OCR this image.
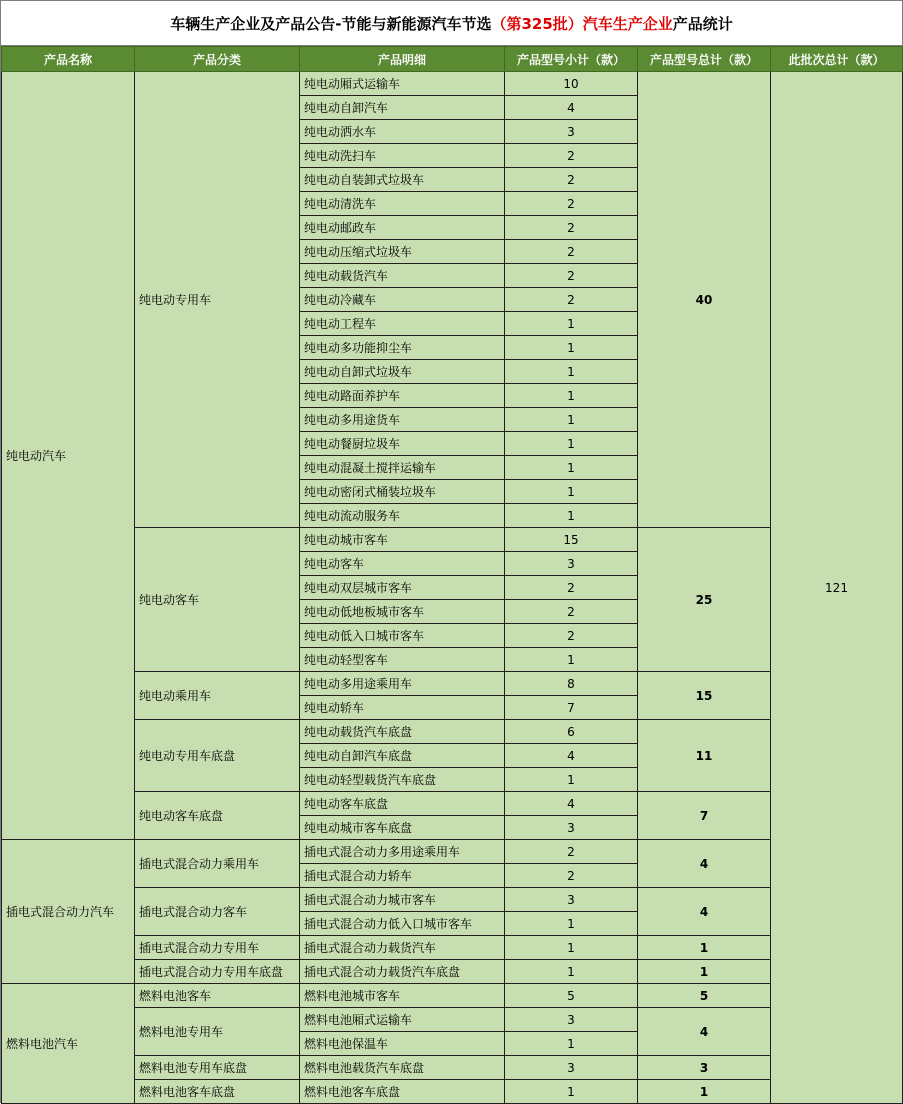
车辆生产企业及产品公告-节能与新能源汽车节选 （第325批）汽车生产企业 产品统计
产品名称	产品分类	产品明细	产品型号小计（款）	产品型号总计（款）	此批次总计（款）
纯电动汽车	纯电动专用车	纯电动厢式运输车	10	40	121
		纯电动自卸汽车	4		
		纯电动洒水车	3		
		纯电动洗扫车	2		
		纯电动自装卸式垃圾车	2		
		纯电动清洗车	2		
		纯电动邮政车	2		
		纯电动压缩式垃圾车	2		
		纯电动载货汽车	2		
		纯电动冷藏车	2		
		纯电动工程车	1		
		纯电动多功能抑尘车	1		
		纯电动自卸式垃圾车	1		
		纯电动路面养护车	1		
		纯电动多用途货车	1		
		纯电动餐厨垃圾车	1		
		纯电动混凝土搅拌运输车	1		
		纯电动密闭式桶装垃圾车	1		
		纯电动流动服务车	1		
	纯电动客车	纯电动城市客车	15	25	
		纯电动客车	3		
		纯电动双层城市客车	2		
		纯电动低地板城市客车	2		
		纯电动低入口城市客车	2		
		纯电动轻型客车	1		
	纯电动乘用车	纯电动多用途乘用车	8	15	
		纯电动轿车	7		
	纯电动专用车底盘	纯电动载货汽车底盘	6	11	
		纯电动自卸汽车底盘	4		
		纯电动轻型载货汽车底盘	1		
	纯电动客车底盘	纯电动客车底盘	4	7	
		纯电动城市客车底盘	3		
插电式混合动力汽车	插电式混合动力乘用车	插电式混合动力多用途乘用车	2	4	
		插电式混合动力轿车	2		
	插电式混合动力客车	插电式混合动力城市客车	3	4	
		插电式混合动力低入口城市客车	1		
	插电式混合动力专用车	插电式混合动力载货汽车	1	1	
	插电式混合动力专用车底盘	插电式混合动力载货汽车底盘	1	1	
燃料电池汽车	燃料电池客车	燃料电池城市客车	5	5	
	燃料电池专用车	燃料电池厢式运输车	3	4	
		燃料电池保温车	1		
	燃料电池专用车底盘	燃料电池载货汽车底盘	3	3	
	燃料电池客车底盘	燃料电池客车底盘	1	1	
